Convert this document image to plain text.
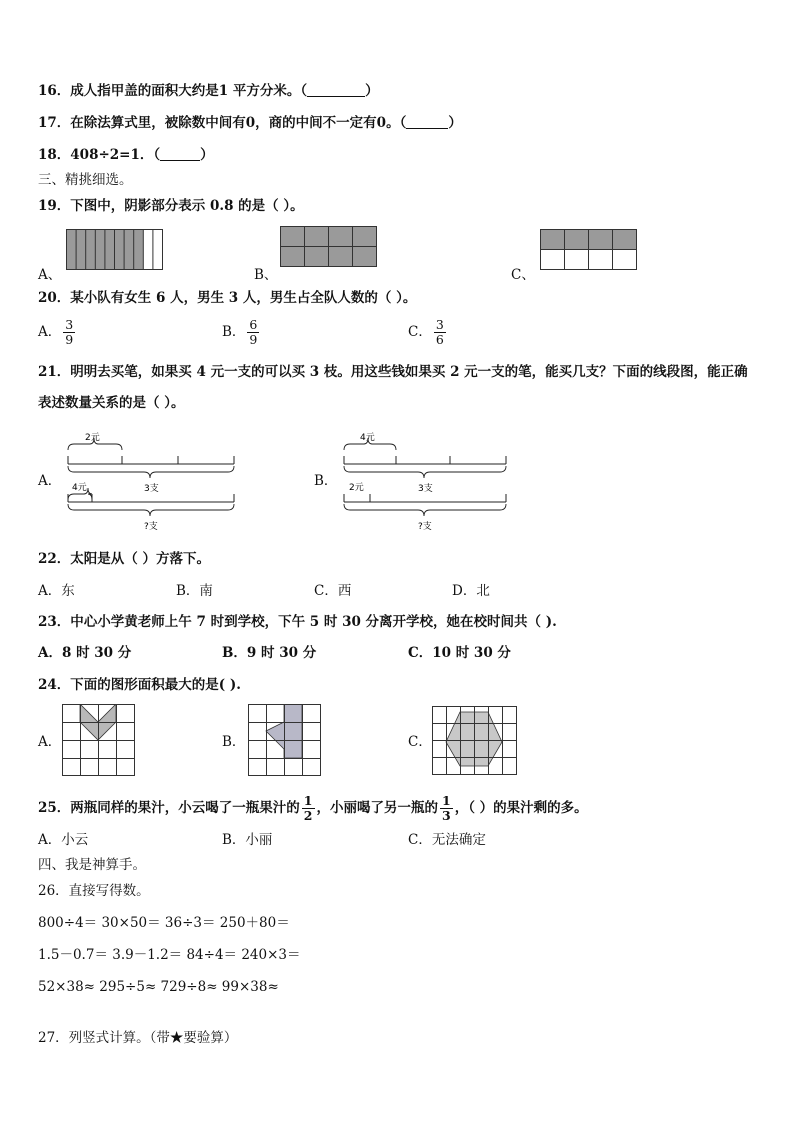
16．成人指甲盖的面积大约是1 平方分米。（	）
17．在除法算式里，被除数中间有0，商的中间不一定有0。（	）
18．408÷2=1．（	）
三、精挑细选。
19．下图中，阴影部分表示 0.8 的是（ ）。
A、	B、	C、
20．某小队有女生 6 人，男生 3 人，男生占全队人数的（ ）。
A． $\frac{3}{9}$	B． $\frac{6}{9}$	C． $\frac{3}{6}$
21．明明去买笔，如果买 4 元一支的可以买 3 枝。用这些钱如果买 2 元一支的笔，能买几支？下面的线段图，能正确
表述数量关系的是（ ）。
A．	B．
2元
3支
4元
?支
4元
3支
2元
?支
22．太阳是从（ ）方落下。
A．东	B．南	C．西	D．北
23．中心小学黄老师上午 7 时到学校，下午 5 时 30 分离开学校，她在校时间共（ ).
A．8 时 30 分	B．9 时 30 分	C．10 时 30 分
24．下面的图形面积最大的是( ).
A．	B．	C．
25．两瓶同样的果汁，小云喝了一瓶果汁的 $\frac{1}{2}$ ，小丽喝了另一瓶的 $\frac{1}{3}$ ，（ ）的果汁剩的多。
A．小云	B．小丽	C．无法确定
四、我是神算手。
26．直接写得数。
800÷4＝ 30×50＝ 36÷3＝ 250＋80＝
1.5－0.7＝ 3.9－1.2＝ 84÷4＝ 240×3＝
52×38≈ 295÷5≈ 729÷8≈ 99×38≈
27．列竖式计算。（带★要验算）
